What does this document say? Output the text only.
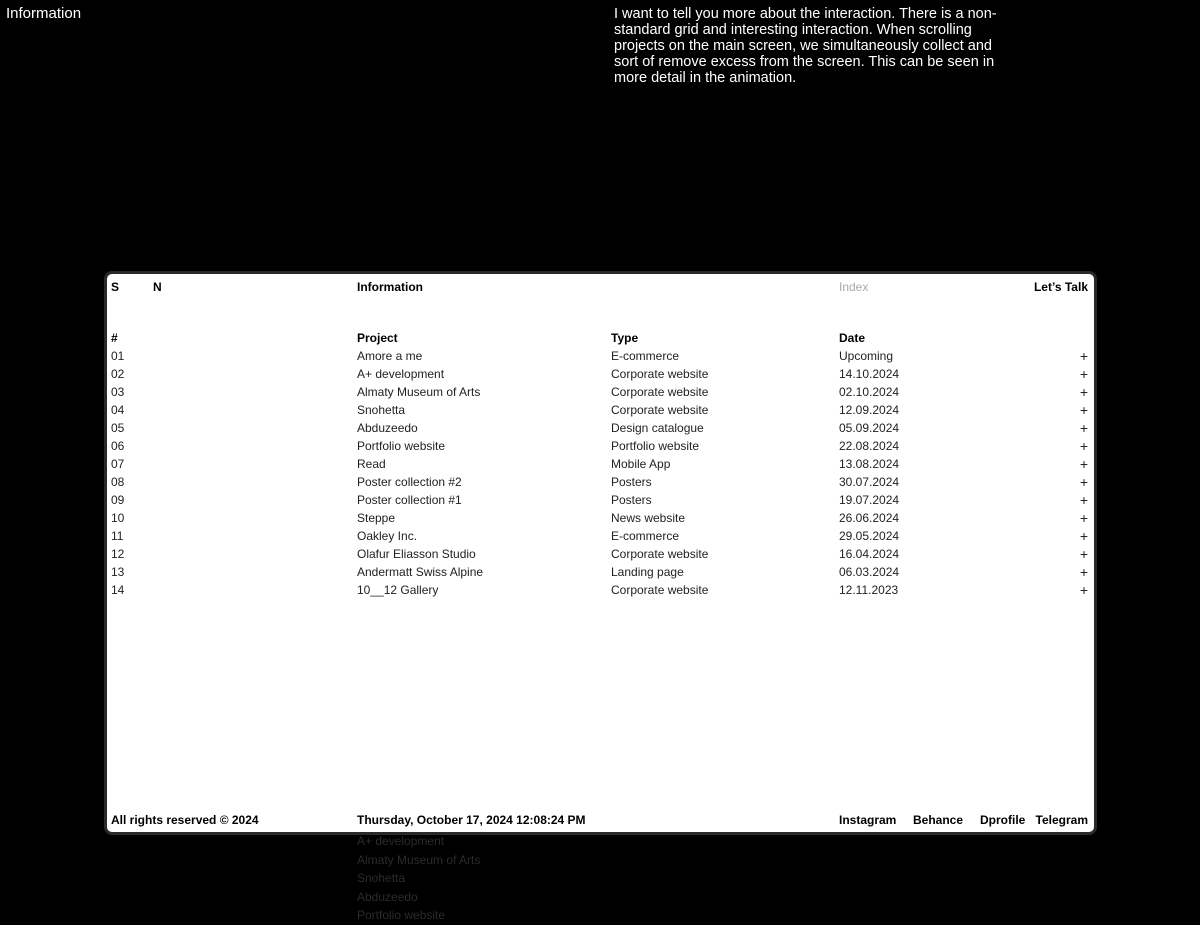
Information	I want to tell you more about the interaction. There is a non-standard grid and interesting interaction. When scrolling projects on the main screen, we simultaneously collect and sort of remove excess from the screen. This can be seen in more detail in the animation.
S	N	Information	Index	Let’s Talk
#	Project	Type	Date
01	Amore a me	E-commerce	Upcoming	+
02	A+ development	Corporate website	14.10.2024	+
03	Almaty Museum of Arts	Corporate website	02.10.2024	+
04	Snohetta	Corporate website	12.09.2024	+
05	Abduzeedo	Design catalogue	05.09.2024	+
06	Portfolio website	Portfolio website	22.08.2024	+
07	Read	Mobile App	13.08.2024	+
08	Poster collection #2	Posters	30.07.2024	+
09	Poster collection #1	Posters	19.07.2024	+
10	Steppe	News website	26.06.2024	+
11	Oakley Inc.	E-commerce	29.05.2024	+
12	Olafur Eliasson Studio	Corporate website	16.04.2024	+
13	Andermatt Swiss Alpine	Landing page	06.03.2024	+
14	10__12 Gallery	Corporate website	12.11.2023	+
All rights reserved © 2024	Thursday, October 17, 2024 12:08:24 PM	Instagram Behance Dprofile Telegram
A+ development
Almaty Museum of Arts
Snohetta
Abduzeedo
Portfolio website
